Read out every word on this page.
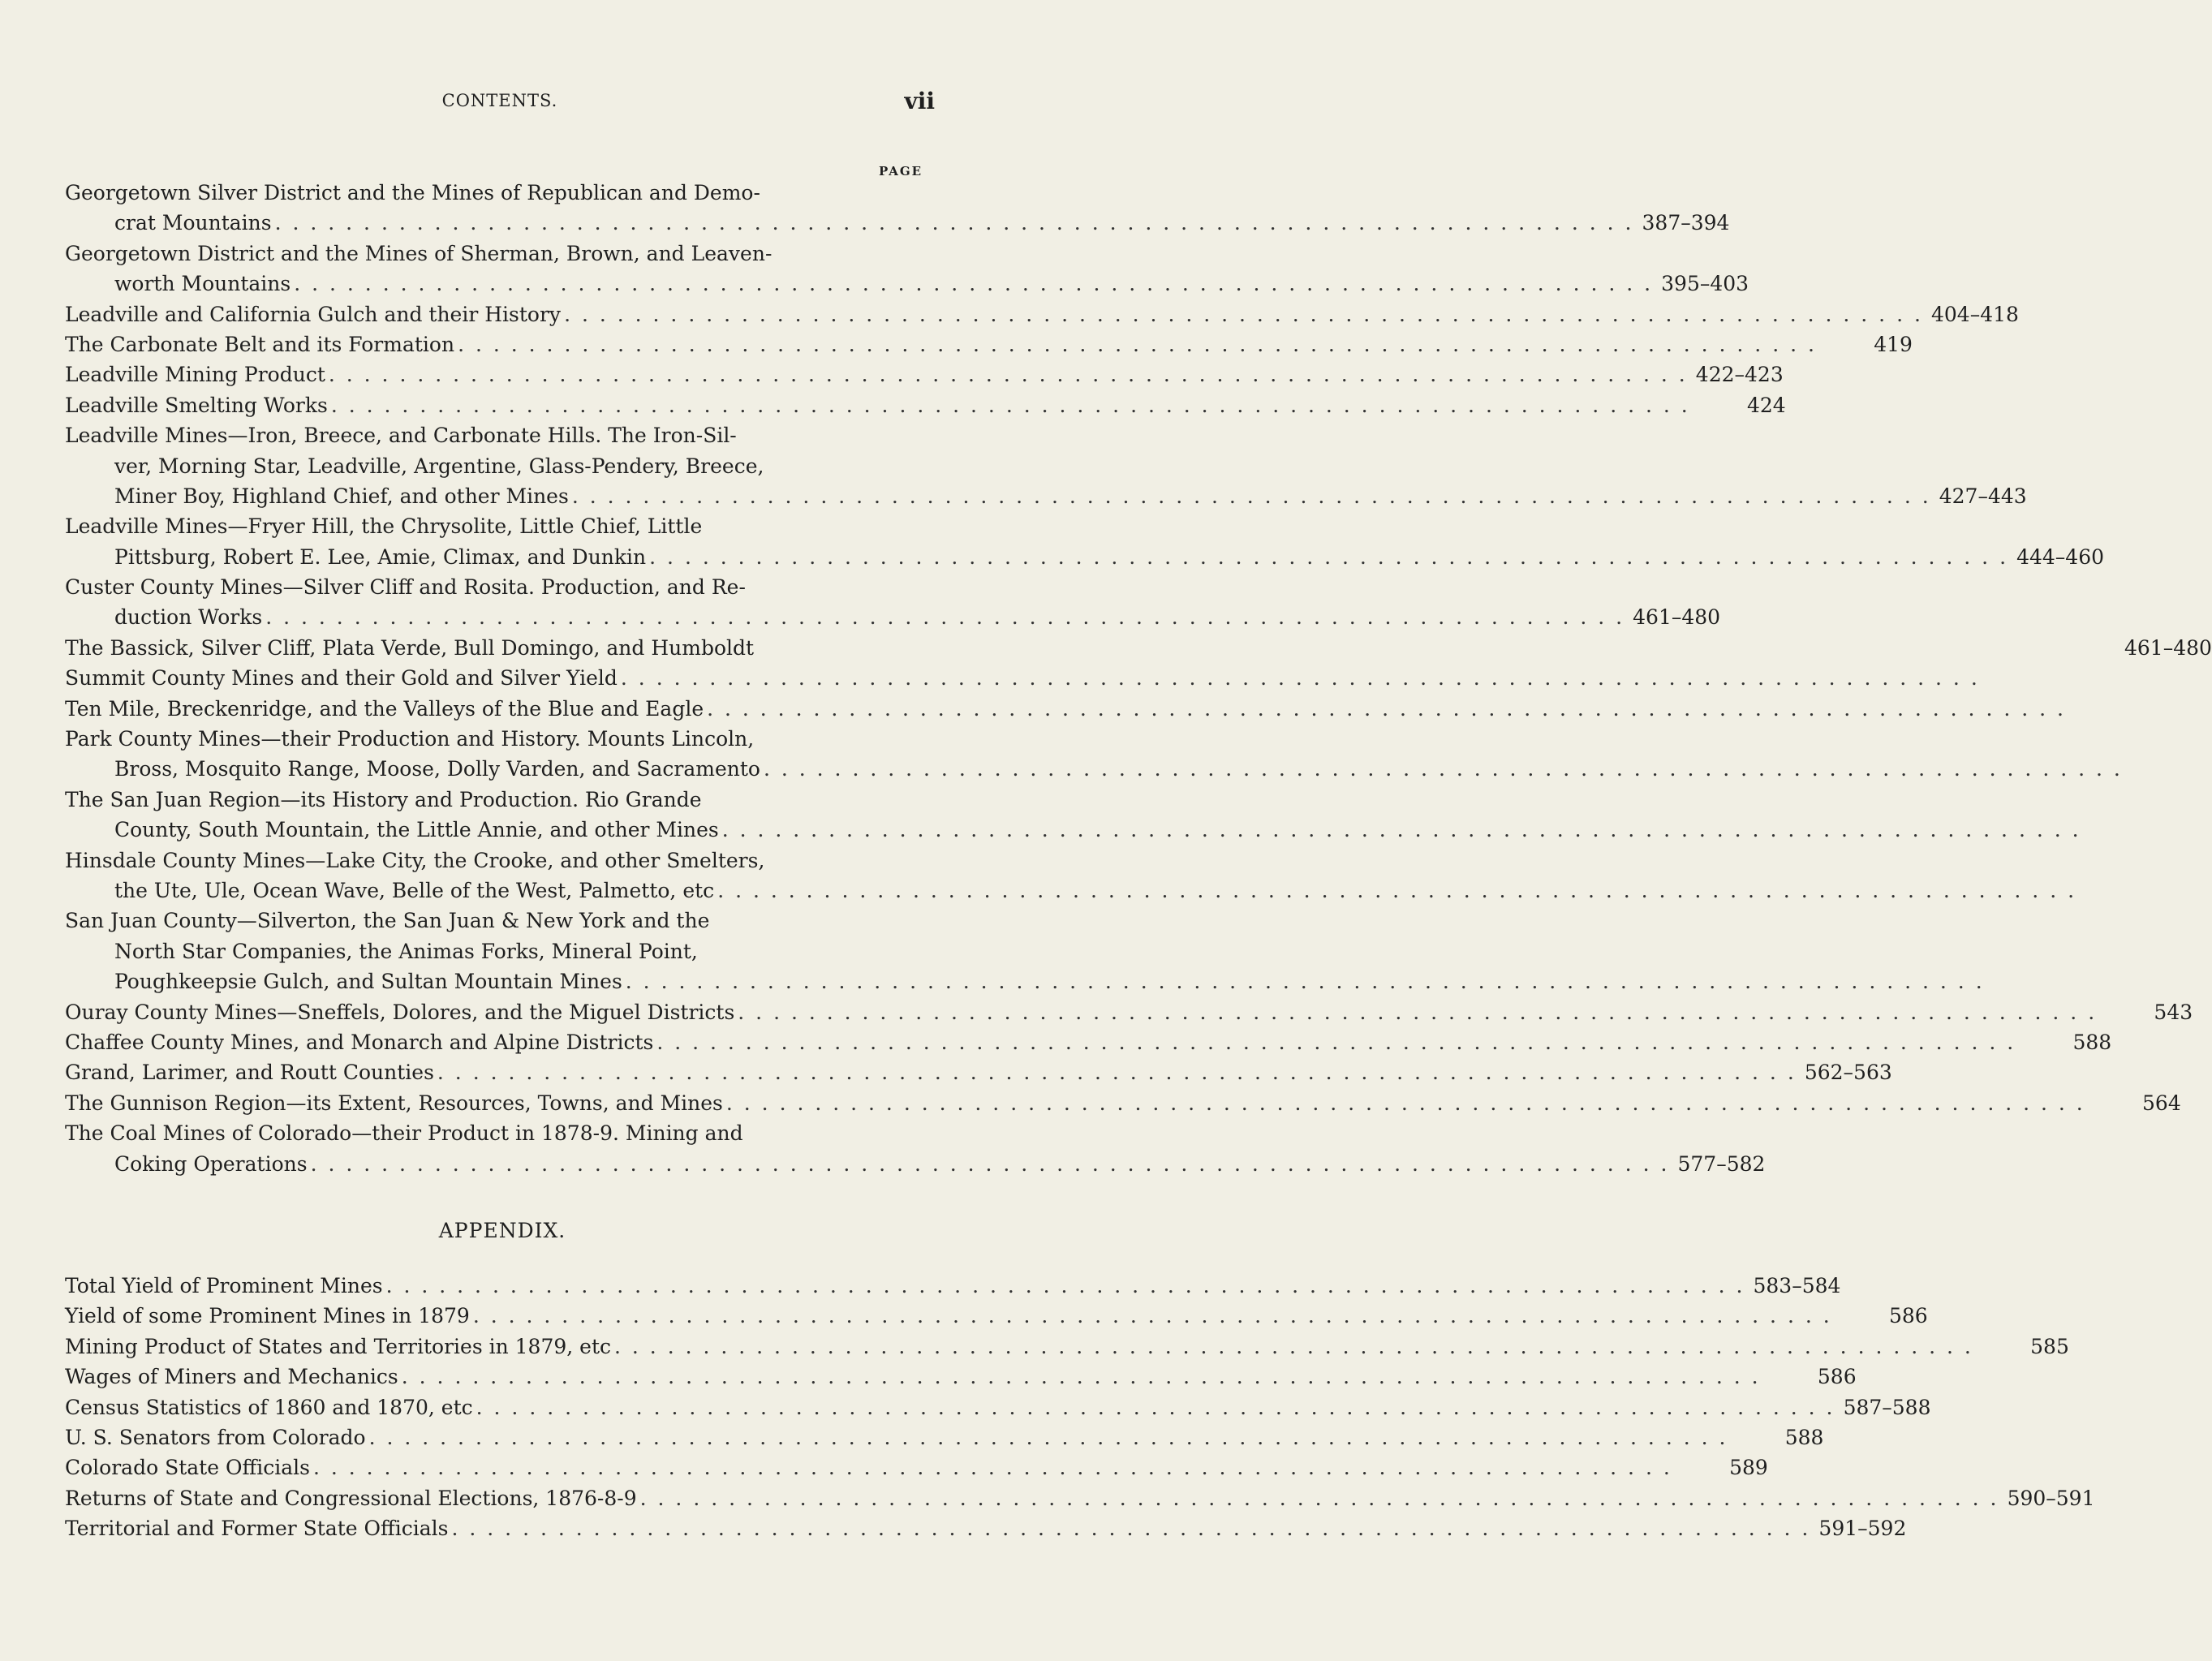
CONTENTS.	vii
PAGE
Georgetown Silver District and the Mines of Republican and Demo-
crat Mountains . . . . . . . . . . . . . . . . . . . . . . . . . . . . . . . . . . . . . . . . . . . . . . . . . . . . . . . . . . . . . . . . . . . . . . . . . . . . . 387–394
Georgetown District and the Mines of Sherman, Brown, and Leaven-
worth Mountains . . . . . . . . . . . . . . . . . . . . . . . . . . . . . . . . . . . . . . . . . . . . . . . . . . . . . . . . . . . . . . . . . . . . . . . . . . . . . 395–403
Leadville and California Gulch and their History . . . . . . . . . . . . . . . . . . . . . . . . . . . . . . . . . . . . . . . . . . . . . . . . . . . . . . . . . . . . . . . . . . . . . . . . . . . . . 404–418
The Carbonate Belt and its Formation . . . . . . . . . . . . . . . . . . . . . . . . . . . . . . . . . . . . . . . . . . . . . . . . . . . . . . . . . . . . . . . . . . . . . . . . . . . . .	419
Leadville Mining Product . . . . . . . . . . . . . . . . . . . . . . . . . . . . . . . . . . . . . . . . . . . . . . . . . . . . . . . . . . . . . . . . . . . . . . . . . . . . . 422–423
Leadville Smelting Works . . . . . . . . . . . . . . . . . . . . . . . . . . . . . . . . . . . . . . . . . . . . . . . . . . . . . . . . . . . . . . . . . . . . . . . . . . . . .	424
Leadville Mines—Iron, Breece, and Carbonate Hills. The Iron-Sil-
ver, Morning Star, Leadville, Argentine, Glass-Pendery, Breece,
Miner Boy, Highland Chief, and other Mines . . . . . . . . . . . . . . . . . . . . . . . . . . . . . . . . . . . . . . . . . . . . . . . . . . . . . . . . . . . . . . . . . . . . . . . . . . . . . 427–443
Leadville Mines—Fryer Hill, the Chrysolite, Little Chief, Little
Pittsburg, Robert E. Lee, Amie, Climax, and Dunkin . . . . . . . . . . . . . . . . . . . . . . . . . . . . . . . . . . . . . . . . . . . . . . . . . . . . . . . . . . . . . . . . . . . . . . . . . . . . . 444–460
Custer County Mines—Silver Cliff and Rosita. Production, and Re-
duction Works . . . . . . . . . . . . . . . . . . . . . . . . . . . . . . . . . . . . . . . . . . . . . . . . . . . . . . . . . . . . . . . . . . . . . . . . . . . . . 461–480
The Bassick, Silver Cliff, Plata Verde, Bull Domingo, and Humboldt	461–480
Summit County Mines and their Gold and Silver Yield . . . . . . . . . . . . . . . . . . . . . . . . . . . . . . . . . . . . . . . . . . . . . . . . . . . . . . . . . . . . . . . . . . . . . . . . . . . . .
Ten Mile, Breckenridge, and the Valleys of the Blue and Eagle . . . . . . . . . . . . . . . . . . . . . . . . . . . . . . . . . . . . . . . . . . . . . . . . . . . . . . . . . . . . . . . . . . . . . . . . . . . . .
Park County Mines—their Production and History. Mounts Lincoln,
Bross, Mosquito Range, Moose, Dolly Varden, and Sacramento . . . . . . . . . . . . . . . . . . . . . . . . . . . . . . . . . . . . . . . . . . . . . . . . . . . . . . . . . . . . . . . . . . . . . . . . . . . . .
The San Juan Region—its History and Production. Rio Grande
County, South Mountain, the Little Annie, and other Mines . . . . . . . . . . . . . . . . . . . . . . . . . . . . . . . . . . . . . . . . . . . . . . . . . . . . . . . . . . . . . . . . . . . . . . . . . . . . .
Hinsdale County Mines—Lake City, the Crooke, and other Smelters,
the Ute, Ule, Ocean Wave, Belle of the West, Palmetto, etc . . . . . . . . . . . . . . . . . . . . . . . . . . . . . . . . . . . . . . . . . . . . . . . . . . . . . . . . . . . . . . . . . . . . . . . . . . . . .
San Juan County—Silverton, the San Juan & New York and the
North Star Companies, the Animas Forks, Mineral Point,
Poughkeepsie Gulch, and Sultan Mountain Mines . . . . . . . . . . . . . . . . . . . . . . . . . . . . . . . . . . . . . . . . . . . . . . . . . . . . . . . . . . . . . . . . . . . . . . . . . . . . .
Ouray County Mines—Sneffels, Dolores, and the Miguel Districts . . . . . . . . . . . . . . . . . . . . . . . . . . . . . . . . . . . . . . . . . . . . . . . . . . . . . . . . . . . . . . . . . . . . . . . . . . . . .	543
Chaffee County Mines, and Monarch and Alpine Districts . . . . . . . . . . . . . . . . . . . . . . . . . . . . . . . . . . . . . . . . . . . . . . . . . . . . . . . . . . . . . . . . . . . . . . . . . . . . .	588
Grand, Larimer, and Routt Counties . . . . . . . . . . . . . . . . . . . . . . . . . . . . . . . . . . . . . . . . . . . . . . . . . . . . . . . . . . . . . . . . . . . . . . . . . . . . . 562–563
The Gunnison Region—its Extent, Resources, Towns, and Mines . . . . . . . . . . . . . . . . . . . . . . . . . . . . . . . . . . . . . . . . . . . . . . . . . . . . . . . . . . . . . . . . . . . . . . . . . . . . .	564
The Coal Mines of Colorado—their Product in 1878-9. Mining and
Coking Operations . . . . . . . . . . . . . . . . . . . . . . . . . . . . . . . . . . . . . . . . . . . . . . . . . . . . . . . . . . . . . . . . . . . . . . . . . . . . . 577–582
APPENDIX.
Total Yield of Prominent Mines . . . . . . . . . . . . . . . . . . . . . . . . . . . . . . . . . . . . . . . . . . . . . . . . . . . . . . . . . . . . . . . . . . . . . . . . . . . . . 583–584
Yield of some Prominent Mines in 1879 . . . . . . . . . . . . . . . . . . . . . . . . . . . . . . . . . . . . . . . . . . . . . . . . . . . . . . . . . . . . . . . . . . . . . . . . . . . . .	586
Mining Product of States and Territories in 1879, etc . . . . . . . . . . . . . . . . . . . . . . . . . . . . . . . . . . . . . . . . . . . . . . . . . . . . . . . . . . . . . . . . . . . . . . . . . . . . .	585
Wages of Miners and Mechanics . . . . . . . . . . . . . . . . . . . . . . . . . . . . . . . . . . . . . . . . . . . . . . . . . . . . . . . . . . . . . . . . . . . . . . . . . . . . .	586
Census Statistics of 1860 and 1870, etc . . . . . . . . . . . . . . . . . . . . . . . . . . . . . . . . . . . . . . . . . . . . . . . . . . . . . . . . . . . . . . . . . . . . . . . . . . . . . 587–588
U. S. Senators from Colorado . . . . . . . . . . . . . . . . . . . . . . . . . . . . . . . . . . . . . . . . . . . . . . . . . . . . . . . . . . . . . . . . . . . . . . . . . . . . .	588
Colorado State Officials . . . . . . . . . . . . . . . . . . . . . . . . . . . . . . . . . . . . . . . . . . . . . . . . . . . . . . . . . . . . . . . . . . . . . . . . . . . . .	589
Returns of State and Congressional Elections, 1876-8-9 . . . . . . . . . . . . . . . . . . . . . . . . . . . . . . . . . . . . . . . . . . . . . . . . . . . . . . . . . . . . . . . . . . . . . . . . . . . . . 590–591
Territorial and Former State Officials . . . . . . . . . . . . . . . . . . . . . . . . . . . . . . . . . . . . . . . . . . . . . . . . . . . . . . . . . . . . . . . . . . . . . . . . . . . . . 591–592
